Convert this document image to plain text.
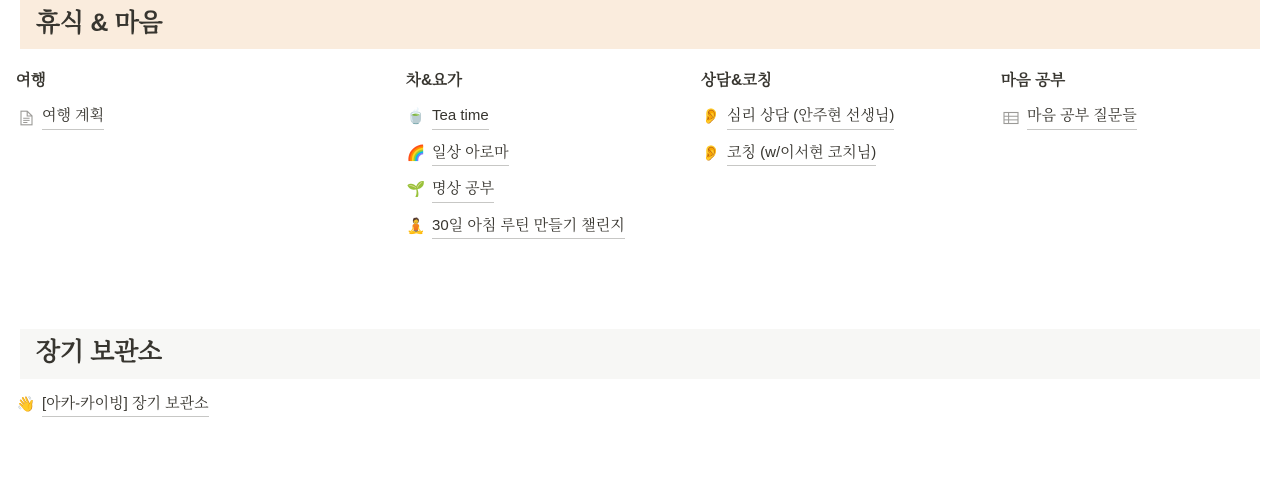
휴식 & 마음
여행
여행 계획
차&요가
🍵 Tea time
🌈 일상 아로마
🌱 명상 공부
🧘 30일 아침 루틴 만들기 챌린지
상담&코칭
👂 심리 상담 (안주현 선생님)
👂 코칭 (w/이서현 코치님)
마음 공부
마음 공부 질문들
장기 보관소
👋 [아카-카이빙] 장기 보관소
